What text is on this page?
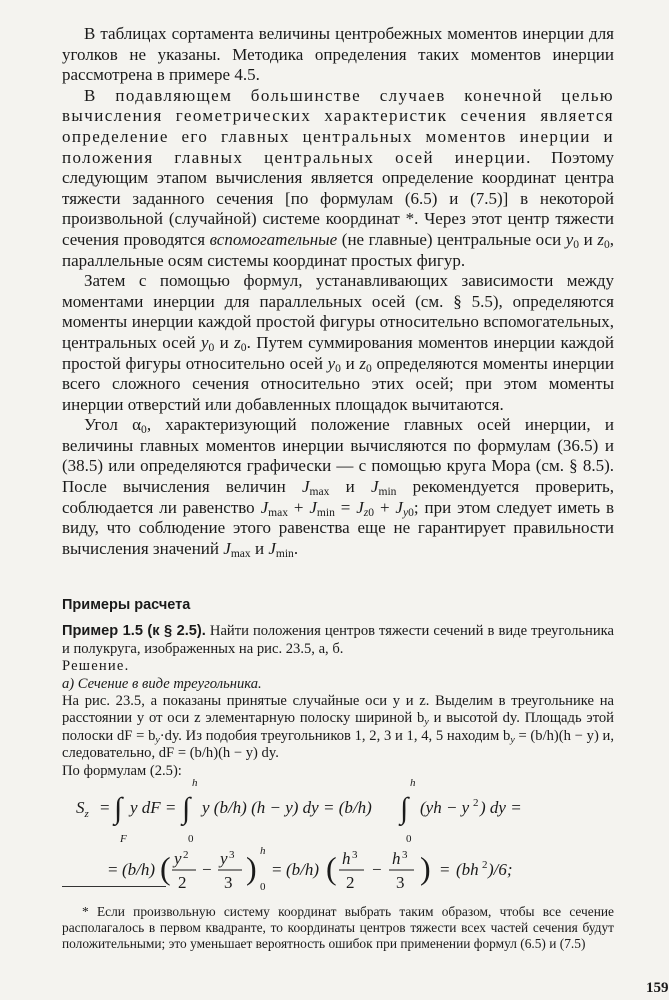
В таблицах сортамента величины центробежных моментов инерции для уголков не указаны. Методика определения таких моментов инерции рассмотрена в примере 4.5.

В подавляющем большинстве случаев конечной целью вычисления геометрических характеристик сечения является определение его главных центральных моментов инерции и положения главных центральных осей инерции. Поэтому следующим этапом вычисления является определение координат центра тяжести заданного сечения [по формулам (6.5) и (7.5)] в некоторой произвольной (случайной) системе координат *. Через этот центр тяжести сечения проводятся вспомогательные (не главные) центральные оси $y_0$ и $z_0$, параллельные осям системы координат простых фигур.

Затем с помощью формул, устанавливающих зависимости между моментами инерции для параллельных осей (см. § 5.5), определяются моменты инерции каждой простой фигуры относительно вспомогательных, центральных осей $y_0$ и $z_0$. Путем суммирования моментов инерции каждой простой фигуры относительно осей $y_0$ и $z_0$ определяются моменты инерции всего сложного сечения относительно этих осей; при этом моменты инерции отверстий или добавленных площадок вычитаются.

Угол $\alpha_0$, характеризующий положение главных осей инерции, и величины главных моментов инерции вычисляются по формулам (36.5) и (38.5) или определяются графически — с помощью круга Мора (см. § 8.5). После вычисления величин $J_{max}$ и $J_{min}$ рекомендуется проверить, соблюдается ли равенство $J_{max} + J_{min} = J_{z0} + J_{y0}$; при этом следует иметь в виду, что соблюдение этого равенства еще не гарантирует правильности вычисления значений $J_{max}$ и $J_{min}$.

Примеры расчета

Пример 1.5 (к § 2.5). Найти положения центров тяжести сечений в виде треугольника и полукруга, изображенных на рис. 23.5, а, б.

Решение.

а) Сечение в виде треугольника.

На рис. 23.5, а показаны принятые случайные оси y и z. Выделим в треугольнике на расстоянии y от оси z элементарную полоску шириной $b_y$ и высотой dy. Площадь этой полоски dF = $b_y\cdot dy$. Из подобия треугольников 1, 2, 3 и 1, 4, 5 находим $b_y = (b/h)(h - y)$ и, следовательно, dF = (b/h)(h − y) dy.

По формулам (2.5):

$S_z$ = ∫
F
y dF = ∫
h
0
y (b/h) (h − y) dy = (b/h) ∫
h
0
(yh − y 2 ) dy =
= (b/h) ( y 2
2
−
y 3
3 ) h
0
= (b/h) ( h 3
2
−
h 3
3 ) = (bh 2 )/6;

* Если произвольную систему координат выбрать таким образом, чтобы все сечение располагалось в первом квадранте, то координаты центров тяжести всех частей сечения будут положительными; это уменьшает вероятность ошибок при применении формул (6.5) и (7.5)

159
